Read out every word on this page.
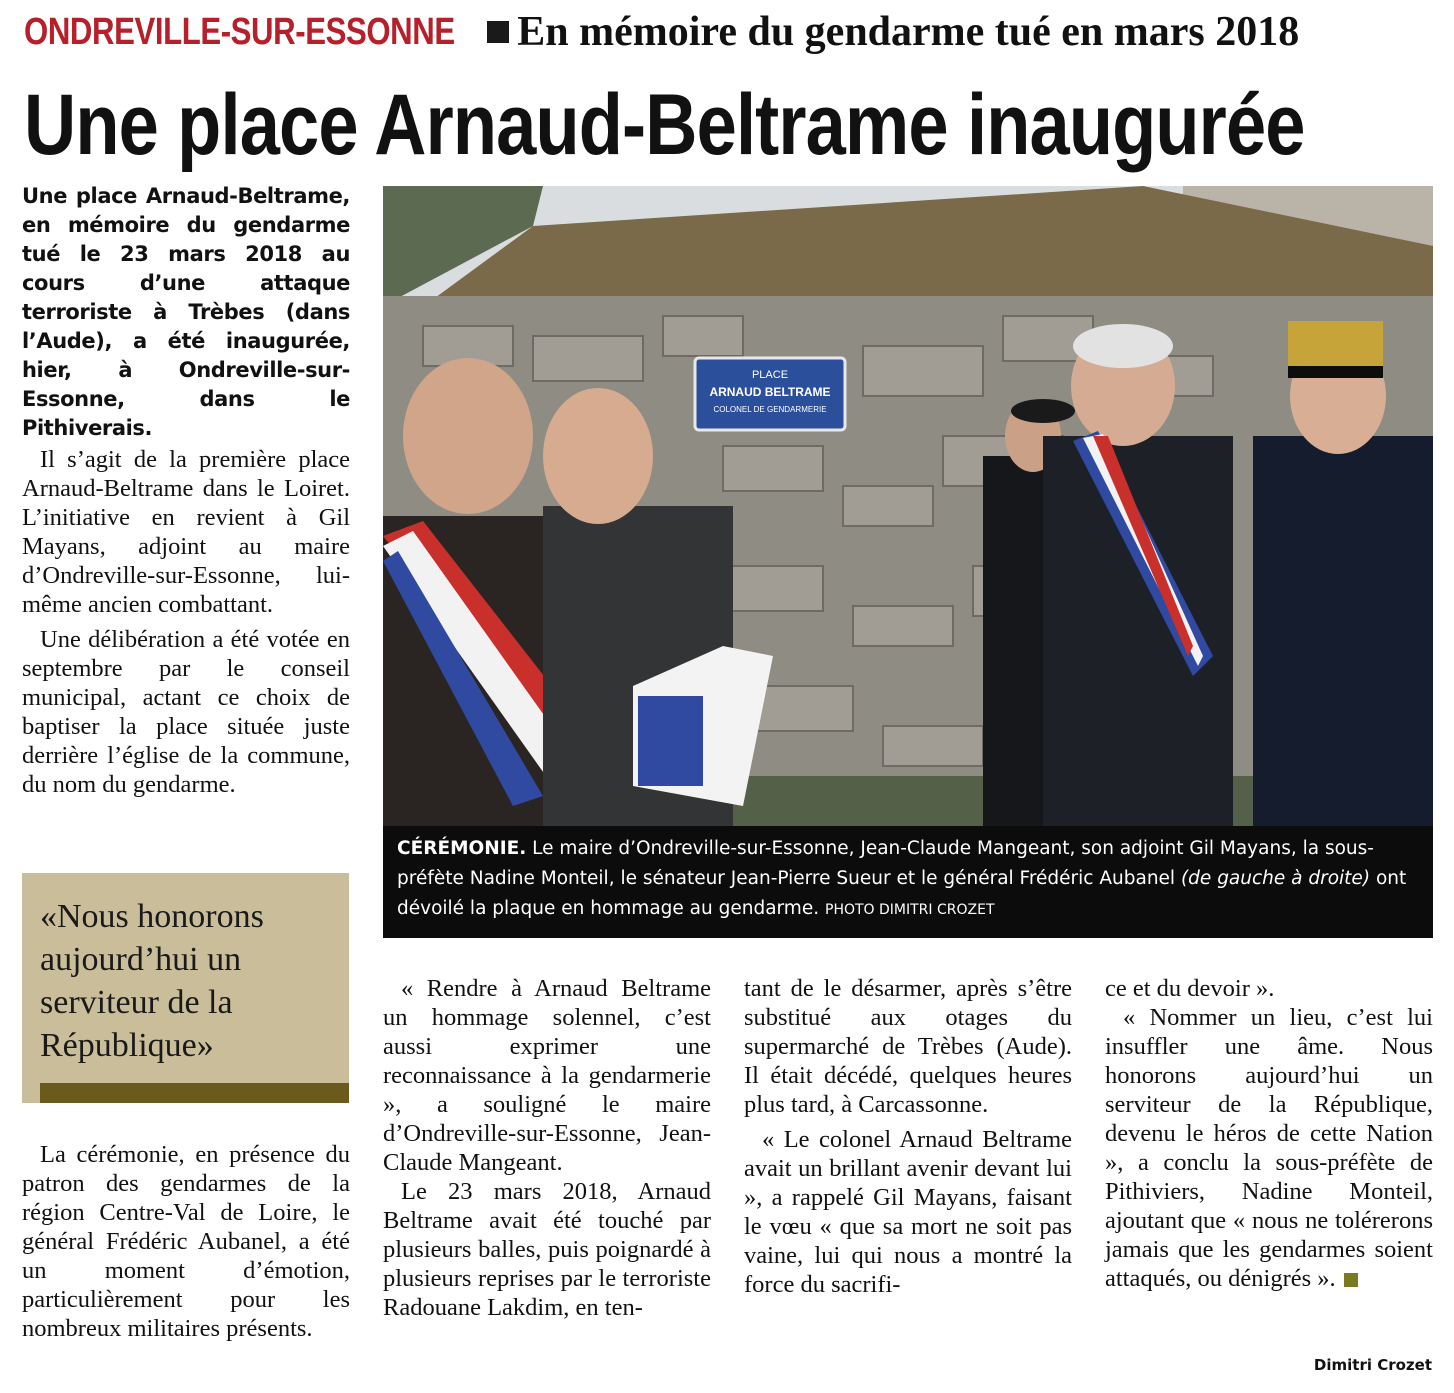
ONDREVILLE-SUR-ESSONNE En mémoire du gendarme tué en mars 2018
Une place Arnaud-Beltrame inaugurée
Une place Arnaud-Beltrame, en mémoire du gendarme tué le 23 mars 2018 au cours d’une attaque terroriste à Trèbes (dans l’Aude), a été inaugurée, hier, à Ondreville-sur-Essonne, dans le Pithiverais.

Il s’agit de la première place Arnaud-Beltrame dans le Loiret. L’initiative en revient à Gil Mayans, adjoint au maire d’Ondreville-sur-Essonne, lui-même ancien combattant.

Une délibération a été votée en septembre par le conseil municipal, actant ce choix de baptiser la place située juste derrière l’église de la commune, du nom du gendarme.

«Nous honorons aujourd’hui un serviteur de la République»

La cérémonie, en présence du patron des gendarmes de la région Centre-Val de Loire, le général Frédéric Aubanel, a été un moment d’émotion, particulièrement pour les nombreux militaires présents.

PLACE
ARNAUD BELTRAME
COLONEL DE GENDARMERIE
CÉRÉMONIE. Le maire d’Ondreville-sur-Essonne, Jean-Claude Mangeant, son adjoint Gil Mayans, la sous-préfète Nadine Monteil, le sénateur Jean-Pierre Sueur et le général Frédéric Aubanel (de gauche à droite) ont dévoilé la plaque en hommage au gendarme. PHOTO DIMITRI CROZET

« Rendre à Arnaud Beltrame un hommage solennel, c’est aussi exprimer une reconnaissance à la gendarmerie », a souligné le maire d’Ondreville-sur-Essonne, Jean-Claude Mangeant.

Le 23 mars 2018, Arnaud Beltrame avait été touché par plusieurs balles, puis poignardé à plusieurs reprises par le terroriste Radouane Lakdim, en ten-

tant de le désarmer, après s’être substitué aux otages du supermarché de Trèbes (Aude). Il était décédé, quelques heures plus tard, à Carcassonne.

« Le colonel Arnaud Beltrame avait un brillant avenir devant lui », a rappelé Gil Mayans, faisant le vœu « que sa mort ne soit pas vaine, lui qui nous a montré la force du sacrifi-

ce et du devoir ».

« Nommer un lieu, c’est lui insuffler une âme. Nous honorons aujourd’hui un serviteur de la République, devenu le héros de cette Nation », a conclu la sous-préfète de Pithiviers, Nadine Monteil, ajoutant que « nous ne tolérerons jamais que les gendarmes soient attaqués, ou dénigrés ».

Dimitri Crozet
